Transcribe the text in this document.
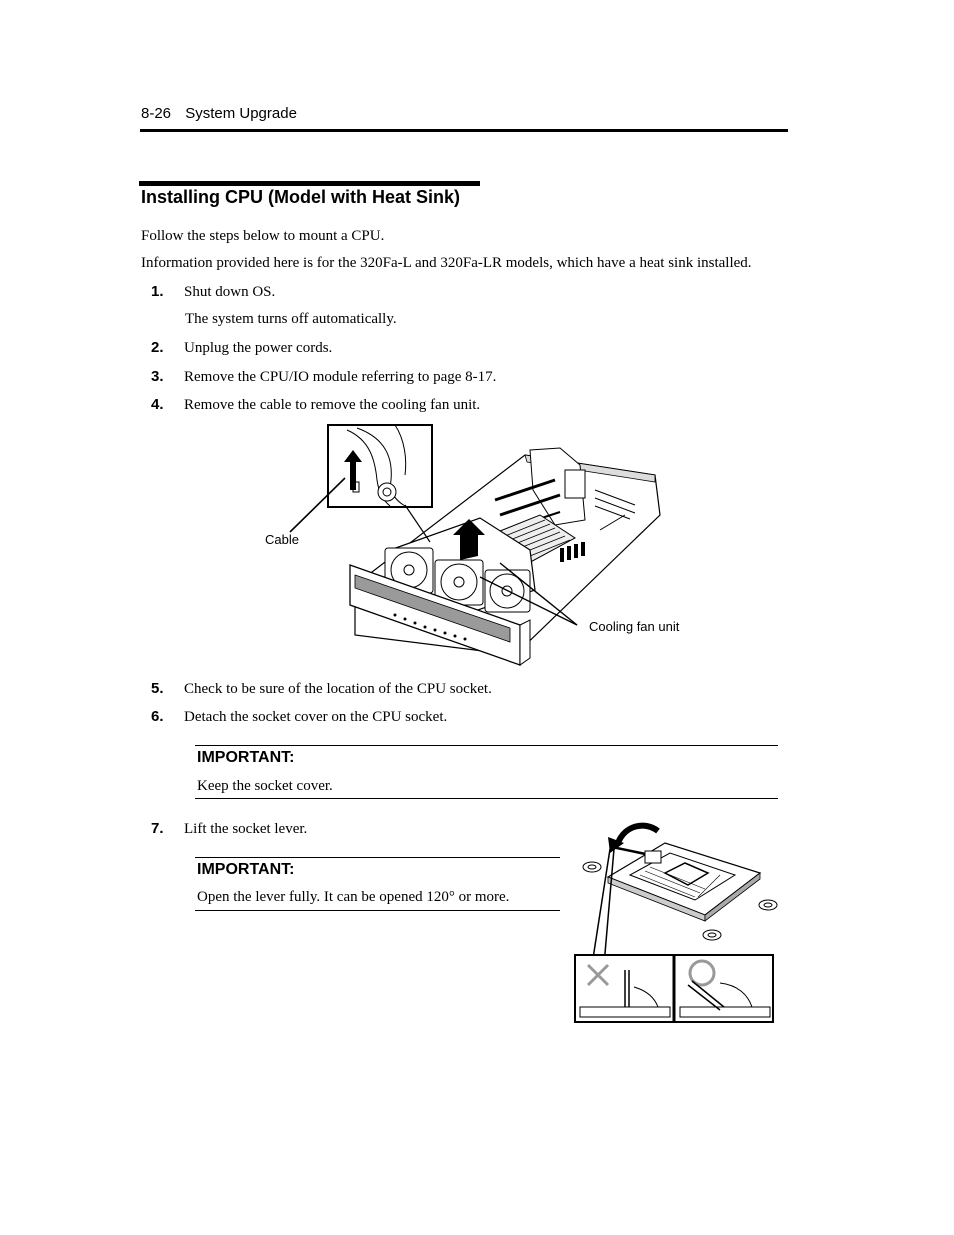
8-26 System Upgrade
Installing CPU (Model with Heat Sink)
Follow the steps below to mount a CPU.
Information provided here is for the 320Fa-L and 320Fa-LR models, which have a heat sink installed.
1. Shut down OS.
The system turns off automatically.
2. Unplug the power cords.
3. Remove the CPU/IO module referring to page 8-17.
4. Remove the cable to remove the cooling fan unit.
Cable
Cooling fan unit
5. Check to be sure of the location of the CPU socket.
6. Detach the socket cover on the CPU socket.
IMPORTANT:
Keep the socket cover.
7. Lift the socket lever.
IMPORTANT:
Open the lever fully. It can be opened 120° or more.
